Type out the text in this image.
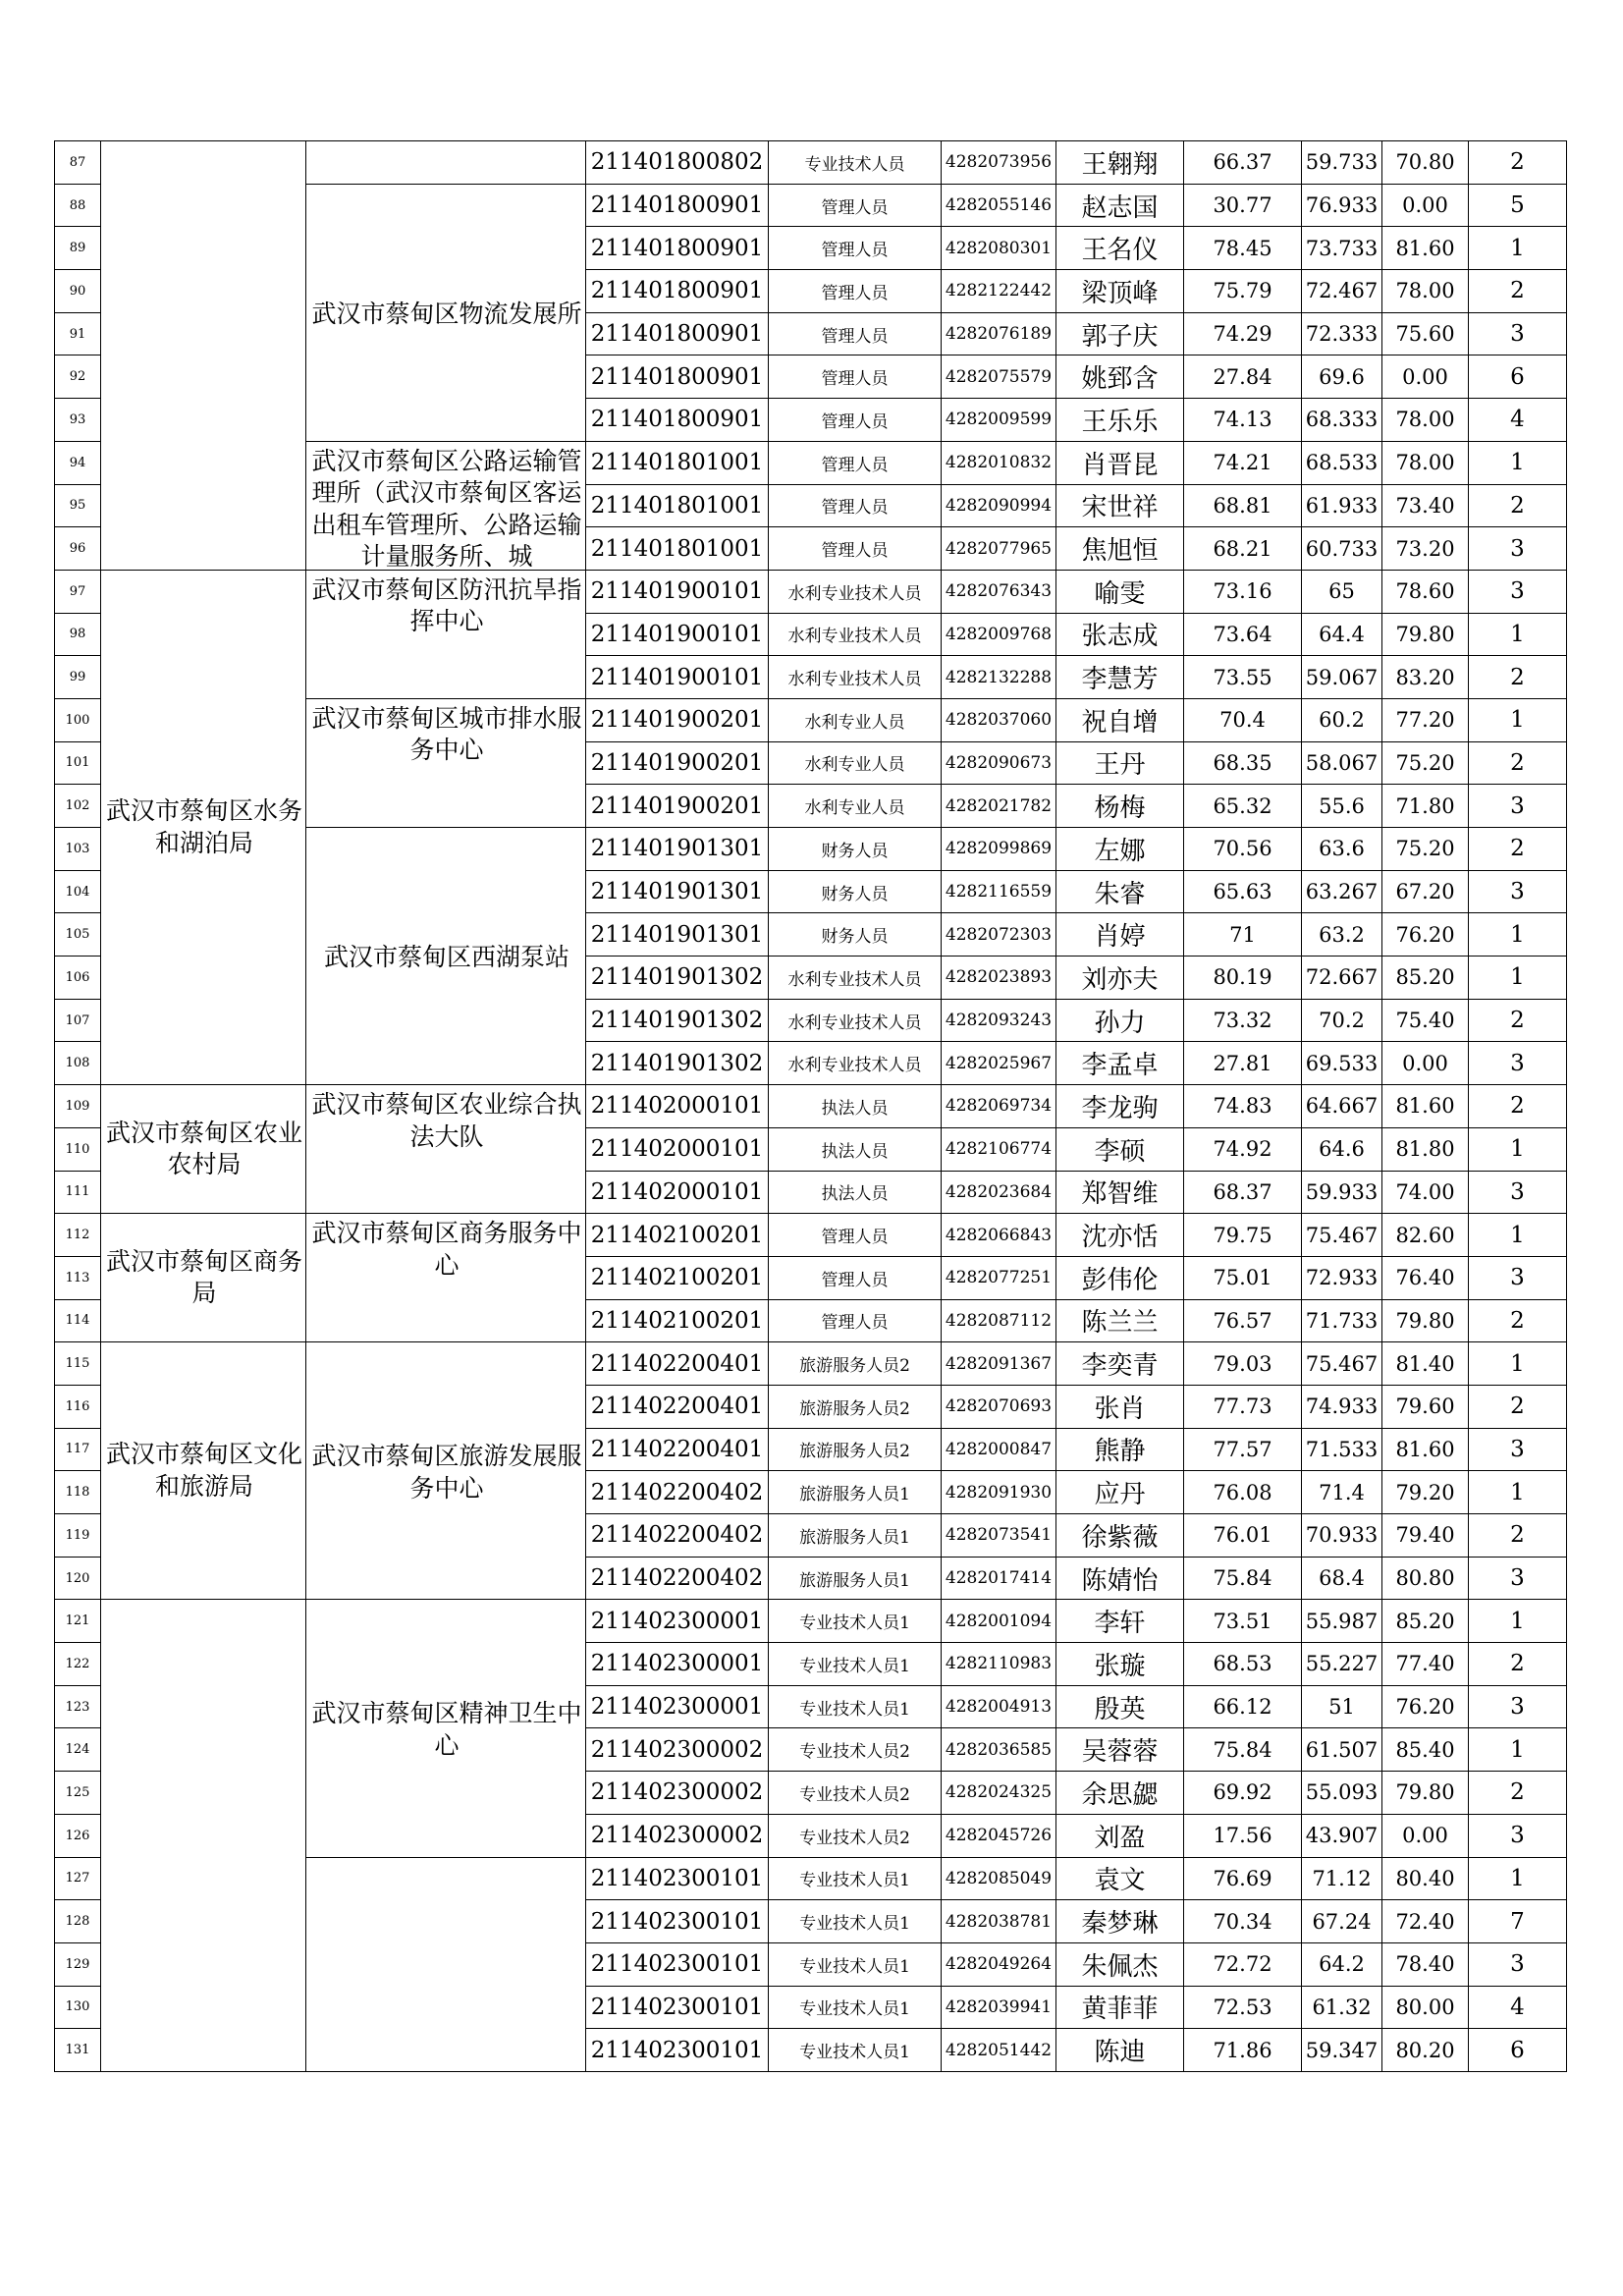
87			211401800802	专业技术人员	4282073956	王翱翔	66.37	59.733	70.80	2
88		武汉市蔡甸区物流发展所	211401800901	管理人员	4282055146	赵志国	30.77	76.933	0.00	5
89			211401800901	管理人员	4282080301	王名仪	78.45	73.733	81.60	1
90			211401800901	管理人员	4282122442	梁顶峰	75.79	72.467	78.00	2
91			211401800901	管理人员	4282076189	郭子庆	74.29	72.333	75.60	3
92			211401800901	管理人员	4282075579	姚郅含	27.84	69.6	0.00	6
93			211401800901	管理人员	4282009599	王乐乐	74.13	68.333	78.00	4
94		武汉市蔡甸区公路运输管理所（武汉市蔡甸区客运出租车管理所、公路运输计量服务所、城	211401801001	管理人员	4282010832	肖晋昆	74.21	68.533	78.00	1
95			211401801001	管理人员	4282090994	宋世祥	68.81	61.933	73.40	2
96			211401801001	管理人员	4282077965	焦旭恒	68.21	60.733	73.20	3
97	武汉市蔡甸区水务和湖泊局	武汉市蔡甸区防汛抗旱指挥中心	211401900101	水利专业技术人员	4282076343	喻雯	73.16	65	78.60	3
98			211401900101	水利专业技术人员	4282009768	张志成	73.64	64.4	79.80	1
99			211401900101	水利专业技术人员	4282132288	李慧芳	73.55	59.067	83.20	2
100		武汉市蔡甸区城市排水服务中心	211401900201	水利专业人员	4282037060	祝自增	70.4	60.2	77.20	1
101			211401900201	水利专业人员	4282090673	王丹	68.35	58.067	75.20	2
102			211401900201	水利专业人员	4282021782	杨梅	65.32	55.6	71.80	3
103		武汉市蔡甸区西湖泵站	211401901301	财务人员	4282099869	左娜	70.56	63.6	75.20	2
104			211401901301	财务人员	4282116559	朱睿	65.63	63.267	67.20	3
105			211401901301	财务人员	4282072303	肖婷	71	63.2	76.20	1
106			211401901302	水利专业技术人员	4282023893	刘亦夫	80.19	72.667	85.20	1
107			211401901302	水利专业技术人员	4282093243	孙力	73.32	70.2	75.40	2
108			211401901302	水利专业技术人员	4282025967	李孟卓	27.81	69.533	0.00	3
109	武汉市蔡甸区农业农村局	武汉市蔡甸区农业综合执法大队	211402000101	执法人员	4282069734	李龙驹	74.83	64.667	81.60	2
110			211402000101	执法人员	4282106774	李硕	74.92	64.6	81.80	1
111			211402000101	执法人员	4282023684	郑智维	68.37	59.933	74.00	3
112	武汉市蔡甸区商务局	武汉市蔡甸区商务服务中心	211402100201	管理人员	4282066843	沈亦恬	79.75	75.467	82.60	1
113			211402100201	管理人员	4282077251	彭伟伦	75.01	72.933	76.40	3
114			211402100201	管理人员	4282087112	陈兰兰	76.57	71.733	79.80	2
115	武汉市蔡甸区文化和旅游局	武汉市蔡甸区旅游发展服务中心	211402200401	旅游服务人员2	4282091367	李奕青	79.03	75.467	81.40	1
116			211402200401	旅游服务人员2	4282070693	张肖	77.73	74.933	79.60	2
117			211402200401	旅游服务人员2	4282000847	熊静	77.57	71.533	81.60	3
118			211402200402	旅游服务人员1	4282091930	应丹	76.08	71.4	79.20	1
119			211402200402	旅游服务人员1	4282073541	徐紫薇	76.01	70.933	79.40	2
120			211402200402	旅游服务人员1	4282017414	陈婧怡	75.84	68.4	80.80	3
121		武汉市蔡甸区精神卫生中心	211402300001	专业技术人员1	4282001094	李轩	73.51	55.987	85.20	1
122			211402300001	专业技术人员1	4282110983	张璇	68.53	55.227	77.40	2
123			211402300001	专业技术人员1	4282004913	殷英	66.12	51	76.20	3
124			211402300002	专业技术人员2	4282036585	吴蓉蓉	75.84	61.507	85.40	1
125			211402300002	专业技术人员2	4282024325	余思勰	69.92	55.093	79.80	2
126			211402300002	专业技术人员2	4282045726	刘盈	17.56	43.907	0.00	3
127			211402300101	专业技术人员1	4282085049	袁文	76.69	71.12	80.40	1
128			211402300101	专业技术人员1	4282038781	秦梦琳	70.34	67.24	72.40	7
129			211402300101	专业技术人员1	4282049264	朱佩杰	72.72	64.2	78.40	3
130			211402300101	专业技术人员1	4282039941	黄菲菲	72.53	61.32	80.00	4
131			211402300101	专业技术人员1	4282051442	陈迪	71.86	59.347	80.20	6
